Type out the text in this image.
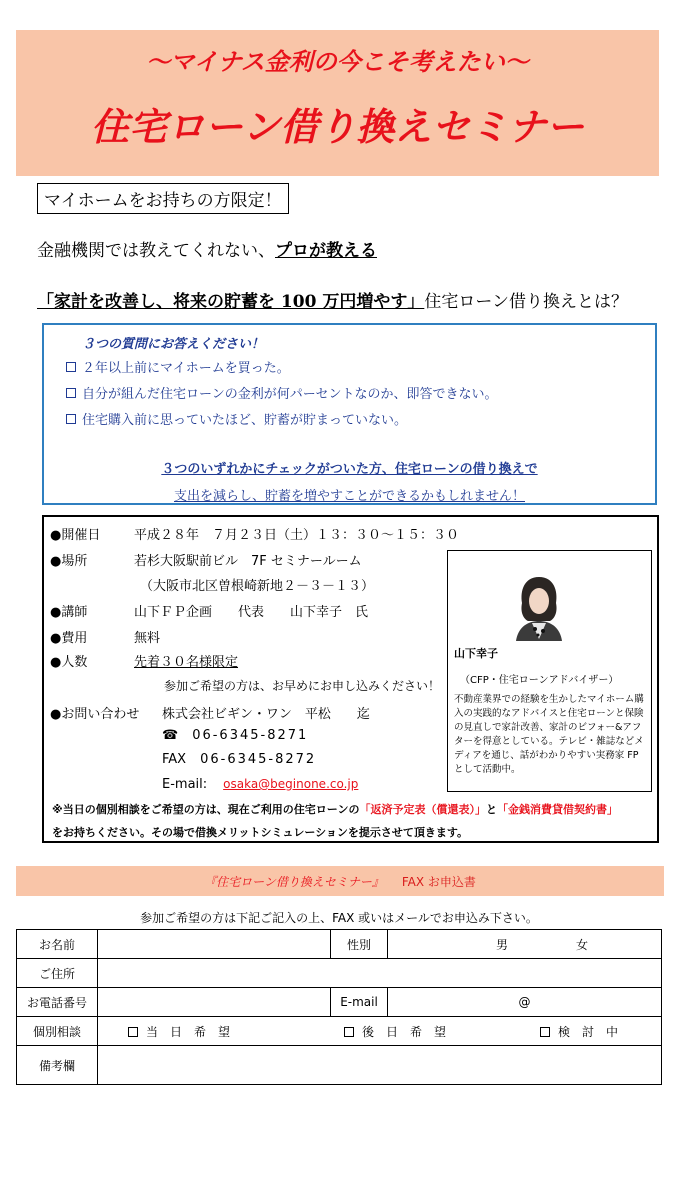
～マイナス金利の今こそ考えたい～
住宅ローン借り換えセミナー
マイホームをお持ちの方限定！
金融機関では教えてくれない、プロが教える
「家計を改善し、将来の貯蓄を 100 万円増やす」住宅ローン借り換えとは？
３つの質問にお答えください！
２年以上前にマイホームを買った。
自分が組んだ住宅ローンの金利が何パーセントなのか、即答できない。
住宅購入前に思っていたほど、貯蓄が貯まっていない。
３つのいずれかにチェックがついた方、住宅ローンの借り換えで
支出を減らし、貯蓄を増やすことができるかもしれません！
●開催日	平成２８年　７月２３日（土）１３：３０～１５：３０
●場所	若杉大阪駅前ビル　7F セミナールーム
（大阪市北区曽根崎新地２－３－１３）
●講師	山下ＦＰ企画　　代表　　山下幸子　氏
●費用	無料
●人数	先着３０名様限定
参加ご希望の方は、お早めにお申し込みください！
●お問い合わせ 株式会社ビギン・ワン　平松　　迄
☎ 06-6345-8271
FAX 06-6345-8272
E-mail: osaka@beginone.co.jp
山下幸子
（CFP・住宅ローンアドバイザー）
不動産業界での経験を生かしたマイホーム購入の実践的なアドバイスと住宅ローンと保険の見直しで家計改善、家計のビフォー&アフターを得意としている。テレビ・雑誌などメディアを通じ、話がわかりやすい実務家 FP として活動中。
※当日の個別相談をご希望の方は、現在ご利用の住宅ローンの「返済予定表（償還表）」と「金銭消費貸借契約書」
をお持ちください。その場で借換メリットシミュレーションを提示させて頂きます。
『住宅ローン借り換えセミナー』 FAX お申込書
参加ご希望の方は下記ご記入の上、FAX 或いはメールでお申込み下さい。
お名前		性別	男 女
ご住所			
お電話番号		E-mail	@
個別相談	当　日　希　望 後　日　希　望 検　討　中		
備考欄			
